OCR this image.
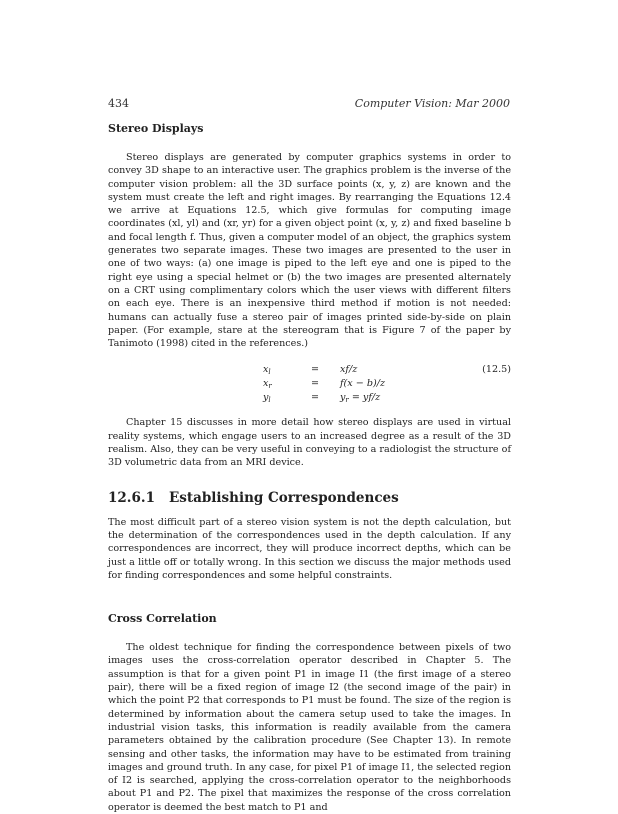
434	Computer Vision: Mar 2000
Stereo Displays

Stereo displays are generated by computer graphics systems in order to convey 3D shape to an interactive user. The graphics problem is the inverse of the computer vision problem: all the 3D surface points (x, y, z) are known and the system must create the left and right images. By rearranging the Equations 12.4 we arrive at Equations 12.5, which give formulas for computing image coordinates (xl, yl) and (xr, yr) for a given object point (x, y, z) and fixed baseline b and focal length f. Thus, given a computer model of an object, the graphics system generates two separate images. These two images are presented to the user in one of two ways: (a) one image is piped to the left eye and one is piped to the right eye using a special helmet or (b) the two images are presented alternately on a CRT using complimentary colors which the user views with different filters on each eye. There is an inexpensive third method if motion is not needed: humans can actually fuse a stereo pair of images printed side-by-side on plain paper. (For example, stare at the stereogram that is Figure 7 of the paper by Tanimoto (1998) cited in the references.)

$x_l$	= xf/z	(12.5)
$x_r$	= f(x − b)/z
$y_l$	= $y_r = yf/z$

Chapter 15 discusses in more detail how stereo displays are used in virtual reality systems, which engage users to an increased degree as a result of the 3D realism. Also, they can be very useful in conveying to a radiologist the structure of 3D volumetric data from an MRI device.

12.6.1 Establishing Correspondences

The most difficult part of a stereo vision system is not the depth calculation, but the determination of the correspondences used in the depth calculation. If any correspondences are incorrect, they will produce incorrect depths, which can be just a little off or totally wrong. In this section we discuss the major methods used for finding correspondences and some helpful constraints.

Cross Correlation

The oldest technique for finding the correspondence between pixels of two images uses the cross-correlation operator described in Chapter 5. The assumption is that for a given point P1 in image I1 (the first image of a stereo pair), there will be a fixed region of image I2 (the second image of the pair) in which the point P2 that corresponds to P1 must be found. The size of the region is determined by information about the camera setup used to take the images. In industrial vision tasks, this information is readily available from the camera parameters obtained by the calibration procedure (See Chapter 13). In remote sensing and other tasks, the information may have to be estimated from training images and ground truth. In any case, for pixel P1 of image I1, the selected region of I2 is searched, applying the cross-correlation operator to the neighborhoods about P1 and P2. The pixel that maximizes the response of the cross correlation operator is deemed the best match to P1 and
